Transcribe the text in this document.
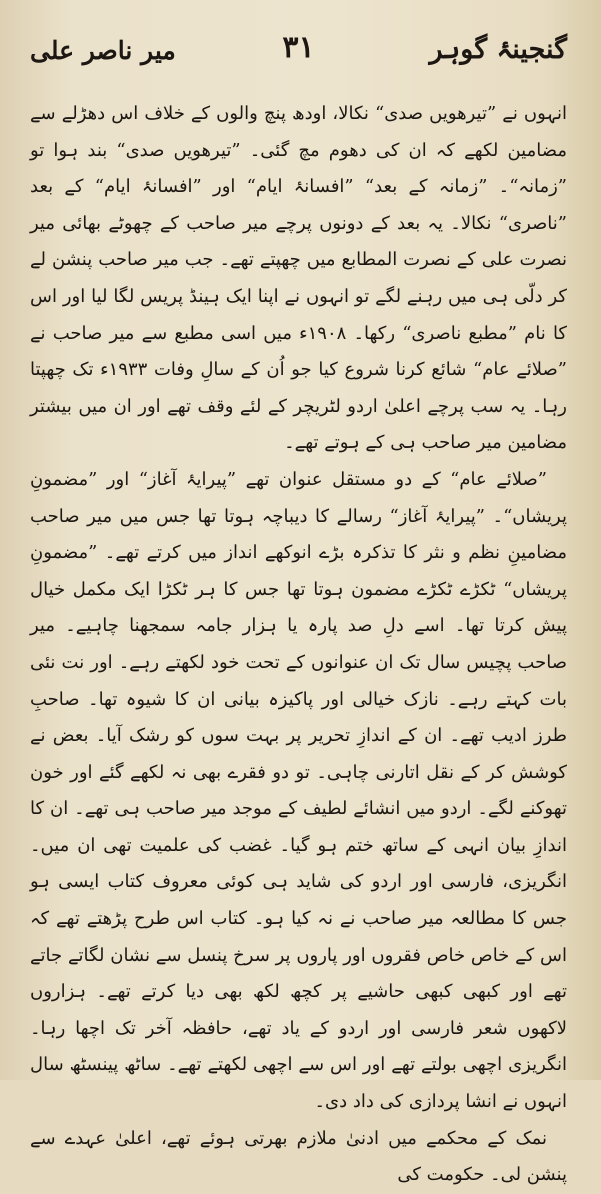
گنجینۂ گوہر
۳۱
میر ناصر علی

انہوں نے ”تیرھویں صدی“ نکالا، اودھ پنچ والوں کے خلاف اس دھڑلے سے مضامین لکھے کہ ان کی دھوم مچ گئی۔ ”تیرھویں صدی“ بند ہوا تو ”زمانہ“۔ ”زمانہ کے بعد“ ”افسانۂ ایام“ اور ”افسانۂ ایام“ کے بعد ”ناصری“ نکالا۔ یہ بعد کے دونوں پرچے میر صاحب کے چھوٹے بھائی میر نصرت علی کے نصرت المطابع میں چھپتے تھے۔ جب میر صاحب پنشن لے کر دلّی ہی میں رہنے لگے تو انہوں نے اپنا ایک ہینڈ پریس لگا لیا اور اس کا نام ”مطبع ناصری“ رکھا۔ ۱۹۰۸ء میں اسی مطبع سے میر صاحب نے ”صلائے عام“ شائع کرنا شروع کیا جو اُن کے سالِ وفات ۱۹۳۳ء تک چھپتا رہا۔ یہ سب پرچے اعلیٰ اردو لٹریچر کے لئے وقف تھے اور ان میں بیشتر مضامین میر صاحب ہی کے ہوتے تھے۔

”صلائے عام“ کے دو مستقل عنوان تھے ”پیرایۂ آغاز“ اور ”مضمونِ پریشاں“۔ ”پیرایۂ آغاز“ رسالے کا دیباچہ ہوتا تھا جس میں میر صاحب مضامینِ نظم و نثر کا تذکرہ بڑے انوکھے انداز میں کرتے تھے۔ ”مضمونِ پریشاں“ ٹکڑے ٹکڑے مضمون ہوتا تھا جس کا ہر ٹکڑا ایک مکمل خیال پیش کرتا تھا۔ اسے دلِ صد پارہ یا ہزار جامہ سمجھنا چاہیے۔ میر صاحب پچیس سال تک ان عنوانوں کے تحت خود لکھتے رہے۔ اور نت نئی بات کہتے رہے۔ نازک خیالی اور پاکیزہ بیانی ان کا شیوہ تھا۔ صاحبِ طرز ادیب تھے۔ ان کے اندازِ تحریر پر بہت سوں کو رشک آیا۔ بعض نے کوشش کر کے نقل اتارنی چاہی۔ تو دو فقرے بھی نہ لکھے گئے اور خون تھوکنے لگے۔ اردو میں انشائے لطیف کے موجد میر صاحب ہی تھے۔ ان کا اندازِ بیان انہی کے ساتھ ختم ہو گیا۔ غضب کی علمیت تھی ان میں۔ انگریزی، فارسی اور اردو کی شاید ہی کوئی معروف کتاب ایسی ہو جس کا مطالعہ میر صاحب نے نہ کیا ہو۔ کتاب اس طرح پڑھتے تھے کہ اس کے خاص خاص فقروں اور پاروں پر سرخ پنسل سے نشان لگاتے جاتے تھے اور کبھی کبھی حاشیے پر کچھ لکھ بھی دیا کرتے تھے۔ ہزاروں لاکھوں شعر فارسی اور اردو کے یاد تھے، حافظہ آخر تک اچھا رہا۔ انگریزی اچھی بولتے تھے اور اس سے اچھی لکھتے تھے۔ ساٹھ پینسٹھ سال انہوں نے انشا پردازی کی داد دی۔

نمک کے محکمے میں ادنیٰ ملازم بھرتی ہوئے تھے، اعلیٰ عہدے سے پنشن لی۔ حکومت کی
